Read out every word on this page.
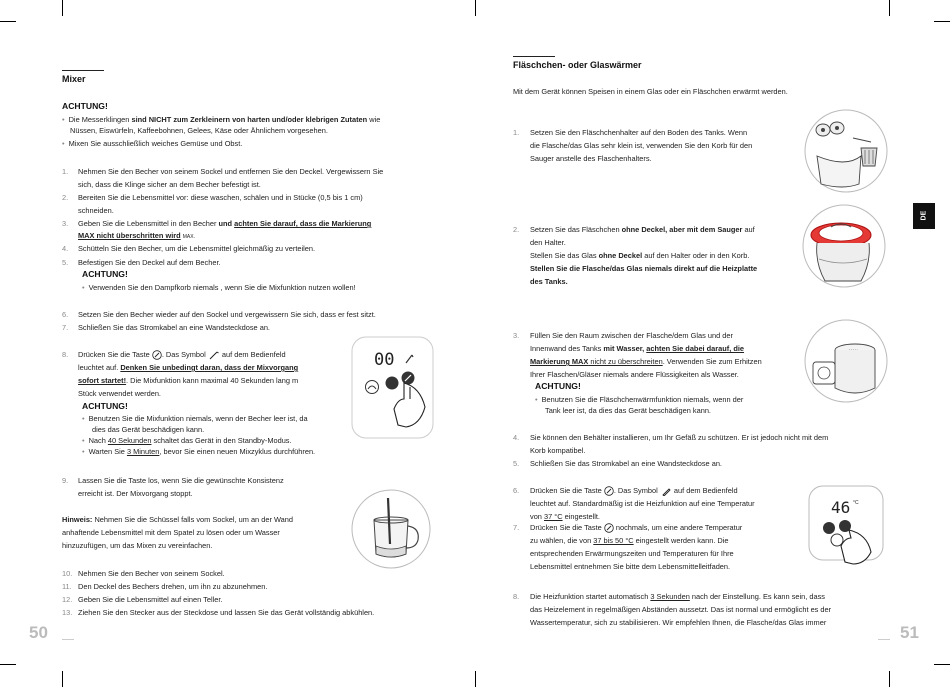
Mixer
ACHTUNG!
• Die Messerklingen sind NICHT zum Zerkleinern von harten und/oder klebrigen Zutaten wie
Nüssen, Eiswürfeln, Kaffeebohnen, Gelees, Käse oder Ähnlichem vorgesehen.
• Mixen Sie ausschließlich weiches Gemüse und Obst.
1.	Nehmen Sie den Becher von seinem Sockel und entfernen Sie den Deckel. Vergewissern Sie
sich, dass die Klinge sicher an dem Becher befestigt ist.
2.	Bereiten Sie die Lebensmittel vor: diese waschen, schälen und in Stücke (0,5 bis 1 cm)
schneiden.
3.	Geben Sie die Lebensmittel in den Becher und achten Sie darauf, dass die Markierung
MAX nicht überschritten wird MAX.
4.	Schütteln Sie den Becher, um die Lebensmittel gleichmäßig zu verteilen.
5.	Befestigen Sie den Deckel auf dem Becher.
ACHTUNG!
• Verwenden Sie den Dampfkorb niemals , wenn Sie die Mixfunktion nutzen wollen!
6.	Setzen Sie den Becher wieder auf den Sockel und vergewissern Sie sich, dass er fest sitzt.
7.	Schließen Sie das Stromkabel an eine Wandsteckdose an.
8.	Drücken Sie die Taste . Das Symbol  auf dem Bedienfeld
leuchtet auf. Denken Sie unbedingt daran, dass der Mixvorgang
sofort startet!. Die Mixfunktion kann maximal 40 Sekunden lang m
Stück verwendet werden.
ACHTUNG!
• Benutzen Sie die Mixfunktion niemals, wenn der Becher leer ist, da
dies das Gerät beschädigen kann.
• Nach 40 Sekunden schaltet das Gerät in den Standby-Modus.
• Warten Sie 3 Minuten, bevor Sie einen neuen Mixzyklus durchführen.
9.	Lassen Sie die Taste los, wenn Sie die gewünschte Konsistenz
erreicht ist. Der Mixvorgang stoppt.
Hinweis: Nehmen Sie die Schüssel falls vom Sockel, um an der Wand
anhaftende Lebensmittel mit dem Spatel zu lösen oder um Wasser
hinzuzufügen, um das Mixen zu vereinfachen.
10. Nehmen Sie den Becher von seinem Sockel.
11. Den Deckel des Bechers drehen, um ihn zu abzunehmen.
12. Geben Sie die Lebensmittel auf einen Teller.
13. Ziehen Sie den Stecker aus der Steckdose und lassen Sie das Gerät vollständig abkühlen.
00
50
Fläschchen- oder Glaswärmer
Mit dem Gerät können Speisen in einem Glas oder ein Fläschchen erwärmt werden.
1.	Setzen Sie den Fläschchenhalter auf den Boden des Tanks. Wenn
die Flasche/das Glas sehr klein ist, verwenden Sie den Korb für den
Sauger anstelle des Flaschenhalters.
2.	Setzen Sie das Fläschchen ohne Deckel, aber mit dem Sauger auf
den Halter.
Stellen Sie das Glas ohne Deckel auf den Halter oder in den Korb.
Stellen Sie die Flasche/das Glas niemals direkt auf die Heizplatte
des Tanks.
3.	Füllen Sie den Raum zwischen der Flasche/dem Glas und der
Innenwand des Tanks mit Wasser, achten Sie dabei darauf, die
Markierung MAX nicht zu überschreiten. Verwenden Sie zum Erhitzen
Ihrer Flaschen/Gläser niemals andere Flüssigkeiten als Wasser.
ACHTUNG!
• Benutzen Sie die Fläschchenwärmfunktion niemals, wenn der
Tank leer ist, da dies das Gerät beschädigen kann.
4.	Sie können den Behälter installieren, um Ihr Gefäß zu schützen. Er ist jedoch nicht mit dem
Korb kompatibel.
5.	Schließen Sie das Stromkabel an eine Wandsteckdose an.
6.	Drücken Sie die Taste . Das Symbol  auf dem Bedienfeld
leuchtet auf. Standardmäßig ist die Heizfunktion auf eine Temperatur
von 37 °C eingestellt.
7.	Drücken Sie die Taste  nochmals, um eine andere Temperatur
zu wählen, die von 37 bis 50 °C eingestellt werden kann. Die
entsprechenden Erwärmungszeiten und Temperaturen für Ihre
Lebensmittel entnehmen Sie bitte dem Lebensmittelleitfaden.
8.	Die Heizfunktion startet automatisch 3 Sekunden nach der Einstellung. Es kann sein, dass
das Heizelement in regelmäßigen Abständen aussetzt. Das ist normal und ermöglicht es der
Wassertemperatur, sich zu stabilisieren. Wir empfehlen Ihnen, die Flasche/das Glas immer
46 °C
DE
51
